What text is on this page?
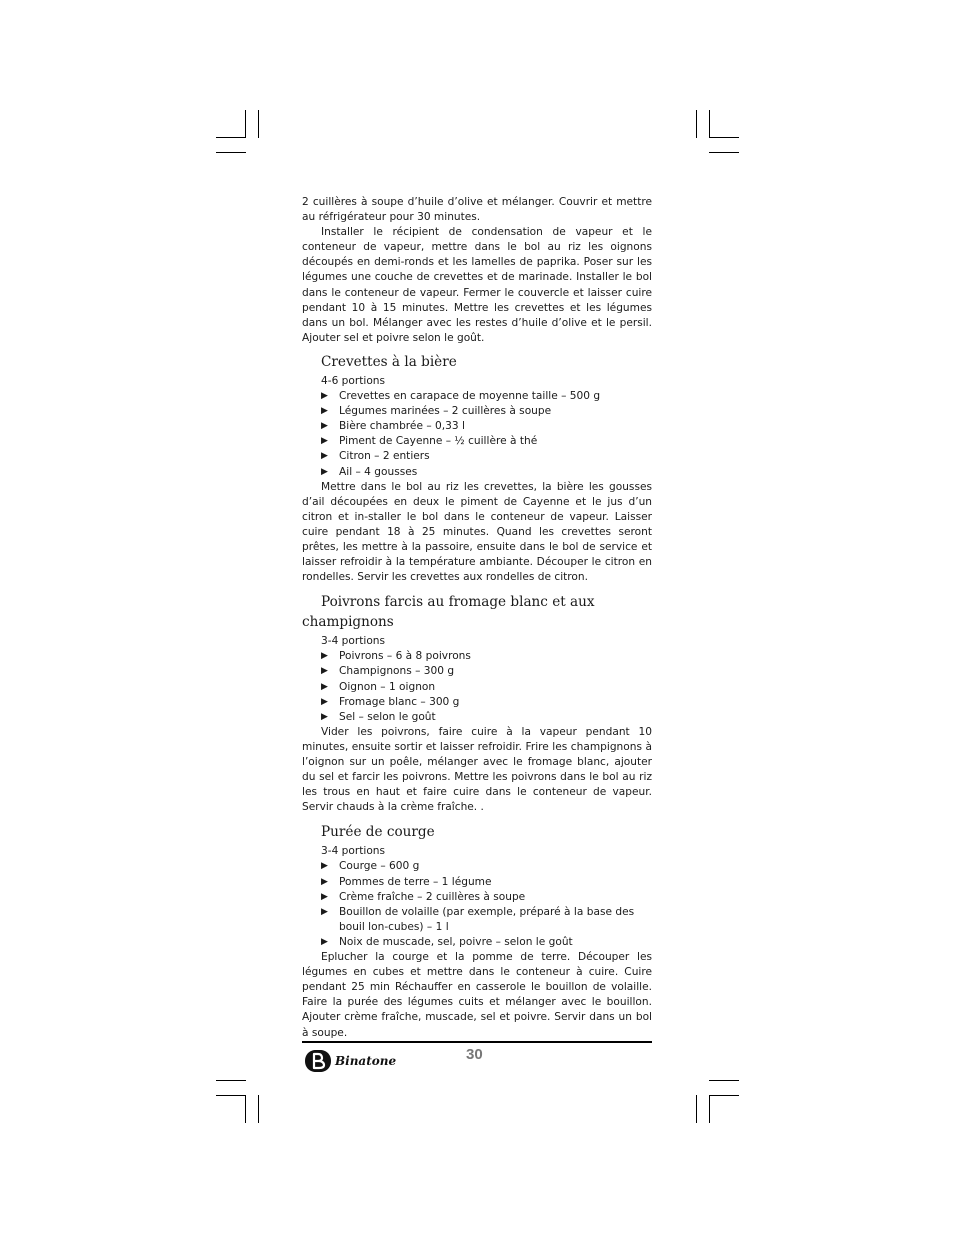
2 cuillères à soupe d’huile d’olive et mélanger. Couvrir et mettre au réfrigérateur pour 30 minutes.

Installer le récipient de condensation de vapeur et le conteneur de vapeur, mettre dans le bol au riz les oignons découpés en demi-ronds et les lamelles de paprika. Poser sur les légumes une couche de crevettes et de marinade. Installer le bol dans le conteneur de vapeur. Fermer le couvercle et laisser cuire pendant 10 à 15 minutes. Mettre les crevettes et les légumes dans un bol. Mélanger avec les restes d’huile d’olive et le persil. Ajouter sel et poivre selon le goût.

Crevettes à la bière

4-6 portions

▶ Crevettes en carapace de moyenne taille – 500 g
▶ Légumes marinées – 2 cuillères à soupe
▶ Bière chambrée – 0,33 l
▶ Piment de Cayenne – ½ cuillère à thé
▶ Citron – 2 entiers
▶ Ail – 4 gousses

Mettre dans le bol au riz les crevettes, la bière les gousses d’ail découpées en deux le piment de Cayenne et le jus d’un citron et in-staller le bol dans le conteneur de vapeur. Laisser cuire pendant 18 à 25 minutes. Quand les crevettes seront prêtes, les mettre à la passoire, ensuite dans le bol de service et laisser refroidir à la température ambiante. Découper le citron en rondelles. Servir les crevettes aux rondelles de citron.

Poivrons farcis au fromage blanc et aux
champignons

3-4 portions

▶ Poivrons – 6 à 8 poivrons
▶ Champignons – 300 g
▶ Oignon – 1 oignon
▶ Fromage blanc – 300 g
▶ Sel – selon le goût

Vider les poivrons, faire cuire à la vapeur pendant 10 minutes, ensuite sortir et laisser refroidir. Frire les champignons à l’oignon sur un poêle, mélanger avec le fromage blanc, ajouter du sel et farcir les poivrons. Mettre les poivrons dans le bol au riz les trous en haut et faire cuire dans le conteneur de vapeur. Servir chauds à la crème fraîche. .

Purée de courge

3-4 portions

▶ Courge – 600 g
▶ Pommes de terre – 1 légume
▶ Crème fraîche – 2 cuillères à soupe
▶ Bouillon de volaille (par exemple, préparé à la base des bouil lon-cubes) – 1 l
▶ Noix de muscade, sel, poivre – selon le goût

Eplucher la courge et la pomme de terre. Découper les légumes en cubes et mettre dans le conteneur à cuire. Cuire pendant 25 min Réchauffer en casserole le bouillon de volaille. Faire la purée des légumes cuits et mélanger avec le bouillon. Ajouter crème fraîche, muscade, sel et poivre. Servir dans un bol à soupe.

Binatone	30
